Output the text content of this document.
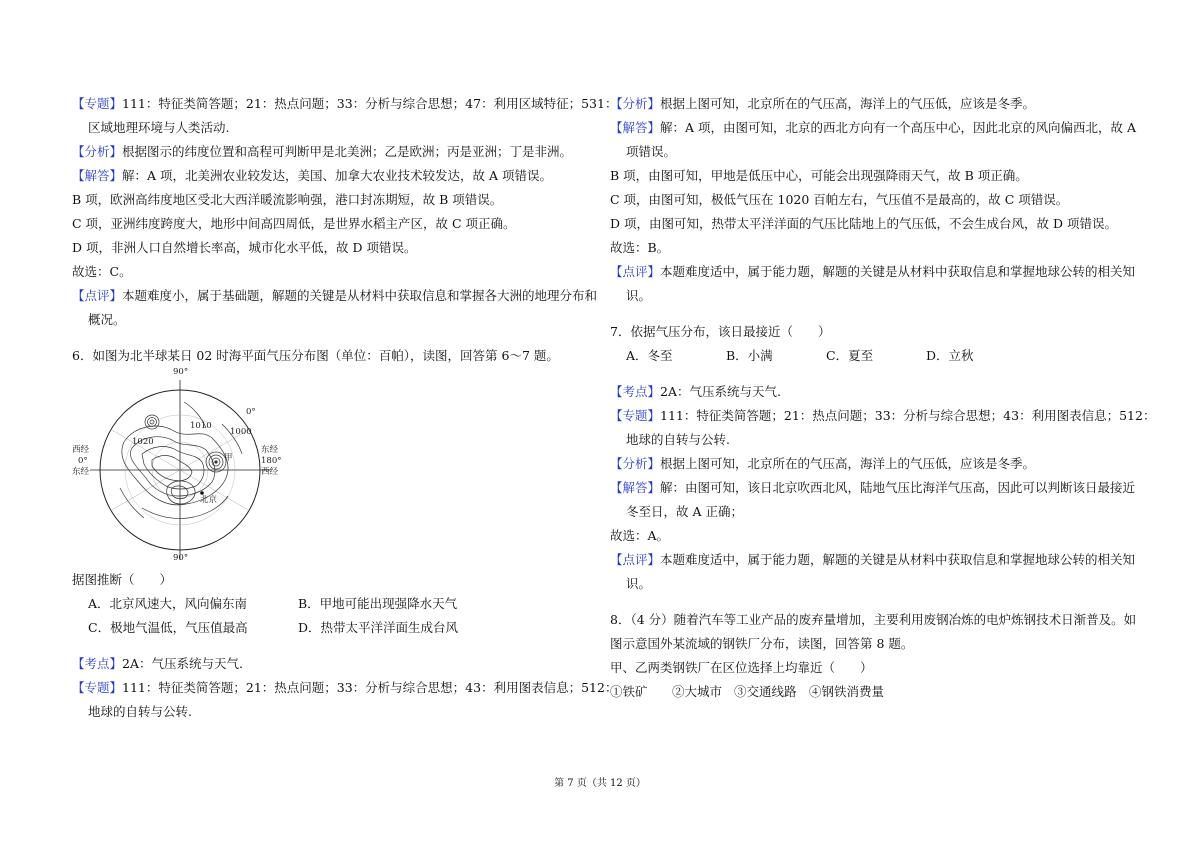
【专题】111：特征类简答题；21：热点问题；33：分析与综合思想；47：利用区域特征；531：
区域地理环境与人类活动.
【分析】根据图示的纬度位置和高程可判断甲是北美洲；乙是欧洲；丙是亚洲；丁是非洲。
【解答】解：A 项，北美洲农业较发达，美国、加拿大农业技术较发达，故 A 项错误。
B 项，欧洲高纬度地区受北大西洋暖流影响强，港口封冻期短，故 B 项错误。
C 项，亚洲纬度跨度大，地形中间高四周低，是世界水稻主产区，故 C 项正确。
D 项，非洲人口自然增长率高，城市化水平低，故 D 项错误。
故选：C。
【点评】本题难度小，属于基础题，解题的关键是从材料中获取信息和掌握各大洲的地理分布和
概况。
6．如图为北半球某日 02 时海平面气压分布图（单位：百帕），读图，回答第 6～7 题。
90°
90°
0°
西经
0°
东经
东经
180°
西经
北京
甲
1000
1020
1010
据图推断（　　）
A．北京风速大，风向偏东南	B．甲地可能出现强降水天气
C．极地气温低，气压值最高	D．热带太平洋洋面生成台风
【考点】2A：气压系统与天气.
【专题】111：特征类简答题；21：热点问题；33：分析与综合思想；43：利用图表信息；512：
地球的自转与公转.
【分析】根据上图可知，北京所在的气压高，海洋上的气压低，应该是冬季。
【解答】解：A 项，由图可知，北京的西北方向有一个高压中心，因此北京的风向偏西北，故 A
项错误。
B 项，由图可知，甲地是低压中心，可能会出现强降雨天气，故 B 项正确。
C 项，由图可知，极低气压在 1020 百帕左右，气压值不是最高的，故 C 项错误。
D 项，由图可知，热带太平洋洋面的气压比陆地上的气压低，不会生成台风，故 D 项错误。
故选：B。
【点评】本题难度适中，属于能力题，解题的关键是从材料中获取信息和掌握地球公转的相关知
识。
7．依据气压分布，该日最接近（　　）
A．冬至	B．小满	C．夏至	D．立秋
【考点】2A：气压系统与天气.
【专题】111：特征类简答题；21：热点问题；33：分析与综合思想；43：利用图表信息；512：
地球的自转与公转.
【分析】根据上图可知，北京所在的气压高，海洋上的气压低，应该是冬季。
【解答】解：由图可知，该日北京吹西北风，陆地气压比海洋气压高，因此可以判断该日最接近
冬至日，故 A 正确；
故选：A。
【点评】本题难度适中，属于能力题，解题的关键是从材料中获取信息和掌握地球公转的相关知
识。
8．（4 分）随着汽车等工业产品的废弃量增加，主要利用废钢冶炼的电炉炼钢技术日渐普及。如
图示意国外某流域的钢铁厂分布，读图，回答第 8 题。
甲、乙两类钢铁厂在区位选择上均靠近（　　）
①铁矿	②大城市 ③交通线路 ④钢铁消费量
第 7 页（共 12 页）
